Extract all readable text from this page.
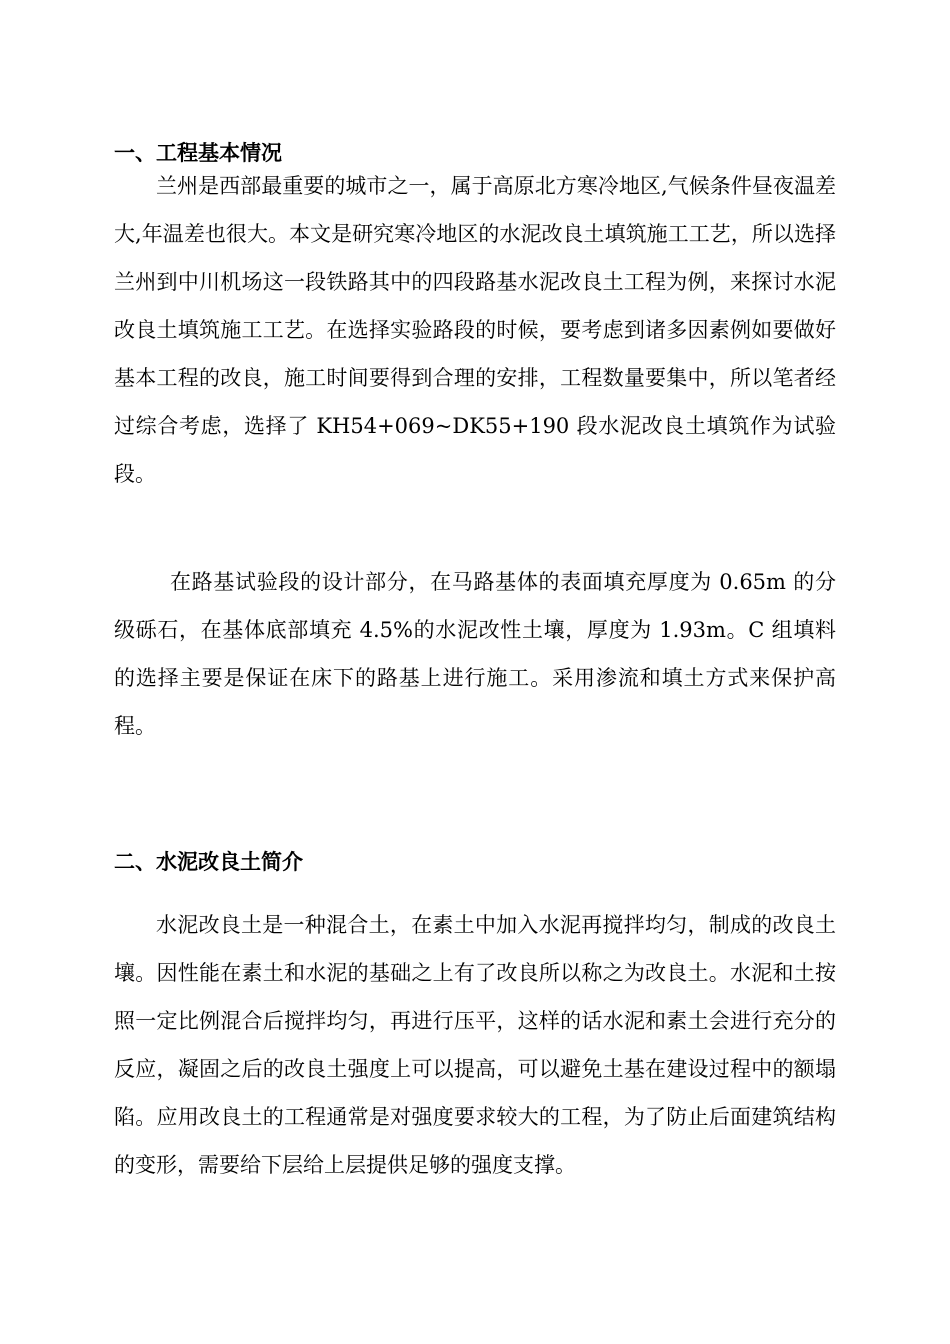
一、工程基本情况

兰州是西部最重要的城市之一，属于高原北方寒冷地区,气候条件昼夜温差大,年温差也很大。本文是研究寒冷地区的水泥改良土填筑施工工艺，所以选择兰州到中川机场这一段铁路其中的四段路基水泥改良土工程为例，来探讨水泥改良土填筑施工工艺。在选择实验路段的时候，要考虑到诸多因素例如要做好基本工程的改良，施工时间要得到合理的安排，工程数量要集中，所以笔者经过综合考虑，选择了 KH54+069~DK55+190 段水泥改良土填筑作为试验段。

在路基试验段的设计部分，在马路基体的表面填充厚度为 0.65m 的分级砾石，在基体底部填充 4.5%的水泥改性土壤，厚度为 1.93m。C 组填料的选择主要是保证在床下的路基上进行施工。采用渗流和填土方式来保护高程。

二、水泥改良土简介

水泥改良土是一种混合土，在素土中加入水泥再搅拌均匀，制成的改良土壤。因性能在素土和水泥的基础之上有了改良所以称之为改良土。水泥和土按照一定比例混合后搅拌均匀，再进行压平，这样的话水泥和素土会进行充分的反应，凝固之后的改良土强度上可以提高，可以避免土基在建设过程中的额塌陷。应用改良土的工程通常是对强度要求较大的工程，为了防止后面建筑结构的变形，需要给下层给上层提供足够的强度支撑。
